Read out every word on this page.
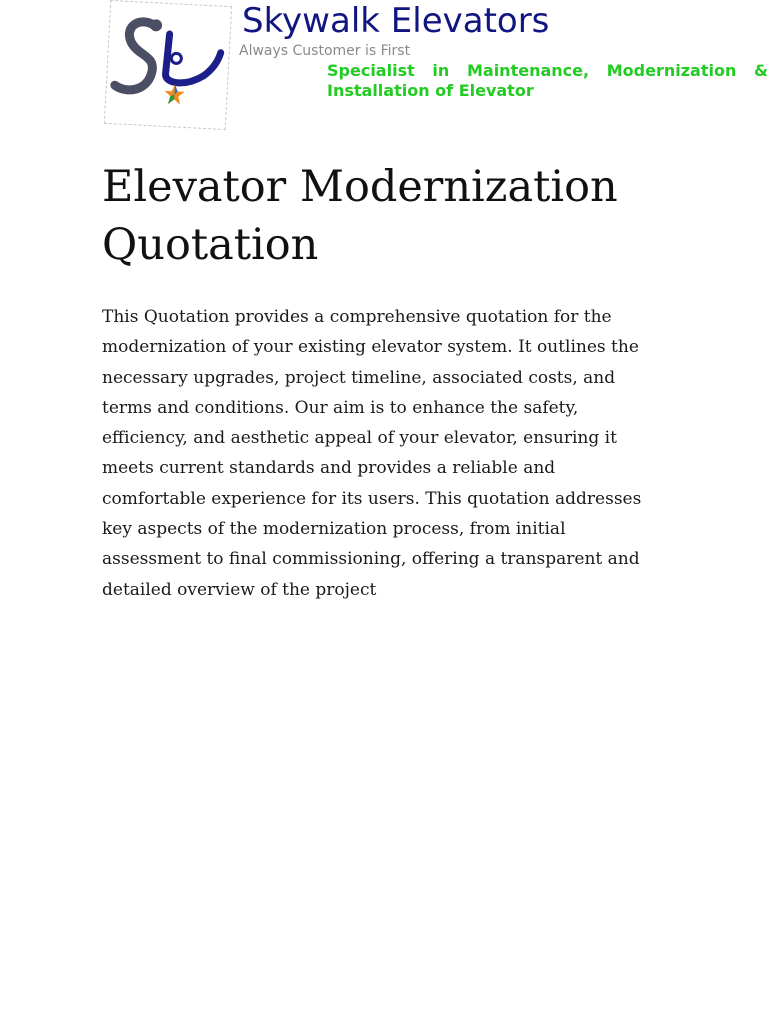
Skywalk Elevators
Always Customer is First
Specialist in Maintenance, Modernization & Installation of Elevator
Elevator Modernization Quotation

This Quotation provides a comprehensive quotation for the modernization of your existing elevator system. It outlines the necessary upgrades, project timeline, associated costs, and terms and conditions. Our aim is to enhance the safety, efficiency, and aesthetic appeal of your elevator, ensuring it meets current standards and provides a reliable and comfortable experience for its users. This quotation addresses key aspects of the modernization process, from initial assessment to final commissioning, offering a transparent and detailed overview of the project
